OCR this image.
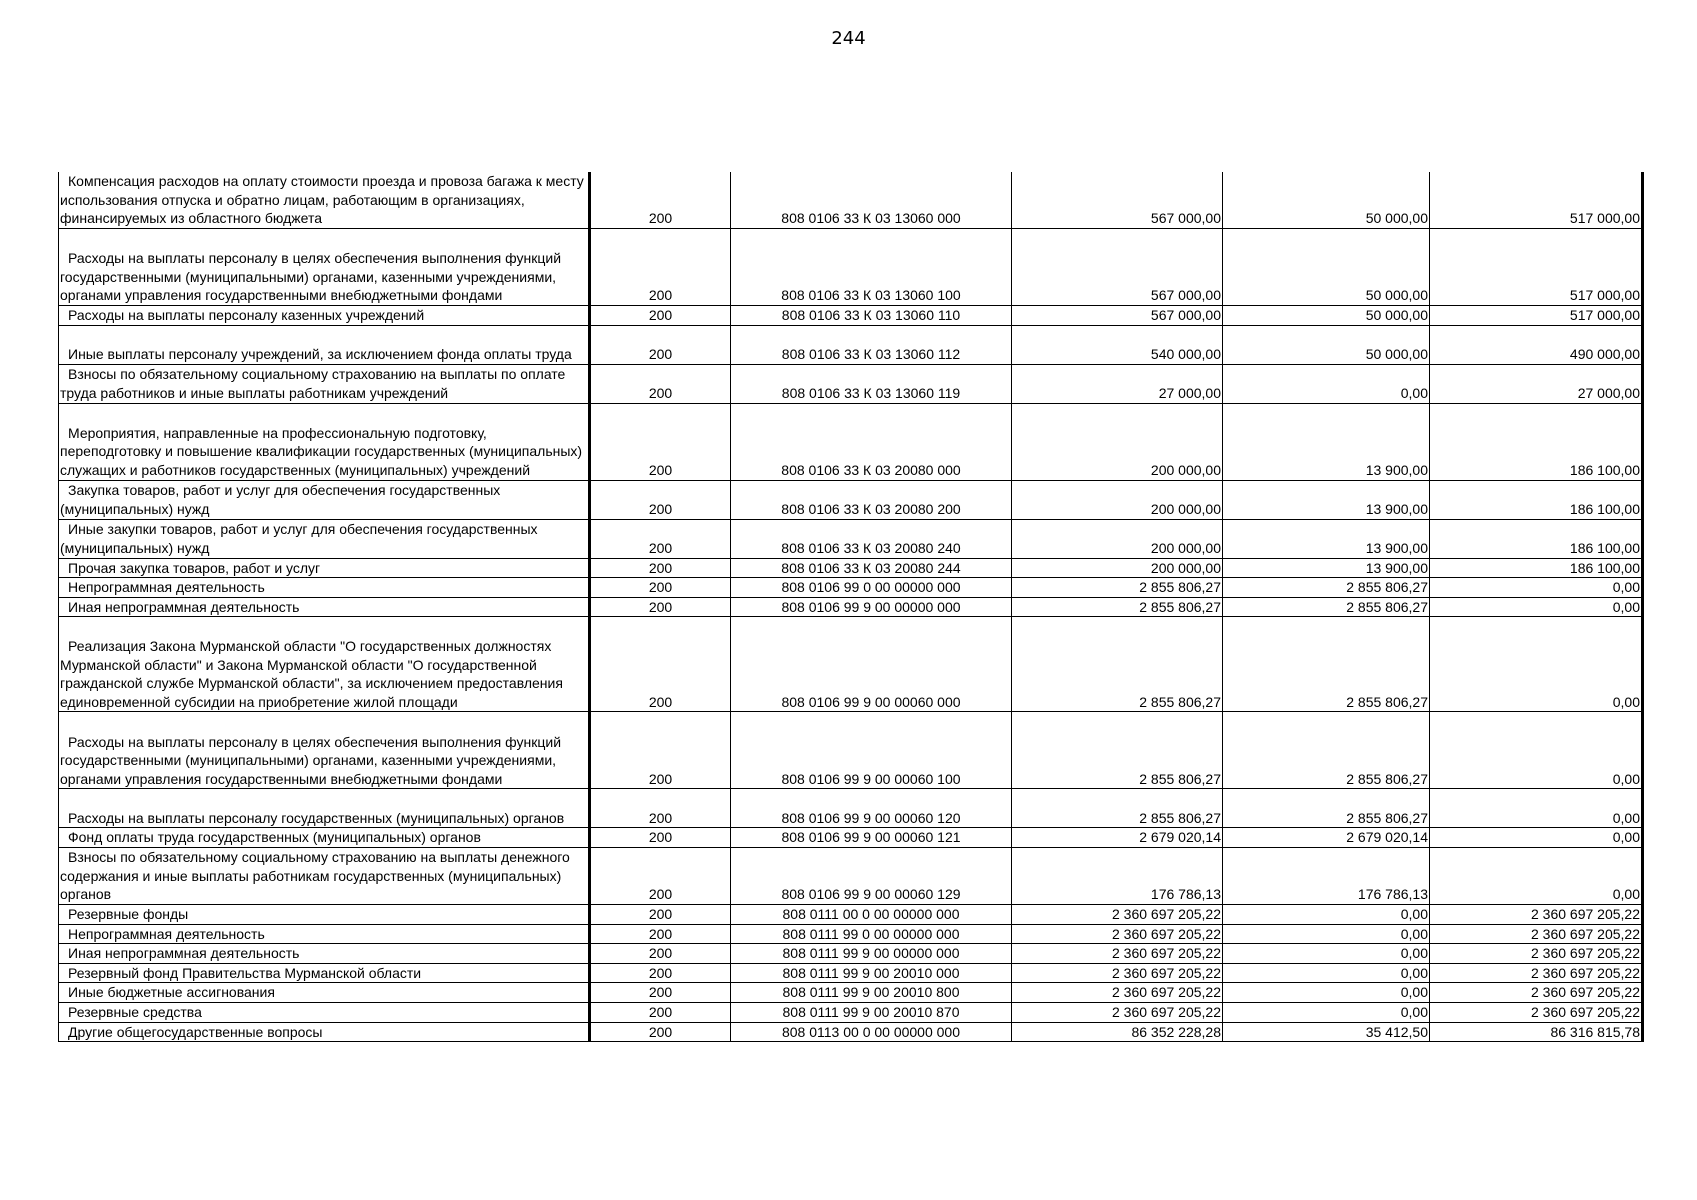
244
Компенсация расходов на оплату стоимости проезда и провоза багажа к месту использования отпуска и обратно лицам, работающим в организациях, финансируемых из областного бюджета	200	808 0106 33 К 03 13060 000	567 000,00	50 000,00	517 000,00
Расходы на выплаты персоналу в целях обеспечения выполнения функций государственными (муниципальными) органами, казенными учреждениями, органами управления государственными внебюджетными фондами	200	808 0106 33 К 03 13060 100	567 000,00	50 000,00	517 000,00
Расходы на выплаты персоналу казенных учреждений	200	808 0106 33 К 03 13060 110	567 000,00	50 000,00	517 000,00
Иные выплаты персоналу учреждений, за исключением фонда оплаты труда	200	808 0106 33 К 03 13060 112	540 000,00	50 000,00	490 000,00
Взносы по обязательному социальному страхованию на выплаты по оплате труда работников и иные выплаты работникам учреждений	200	808 0106 33 К 03 13060 119	27 000,00	0,00	27 000,00
Мероприятия, направленные на профессиональную подготовку, переподготовку и повышение квалификации государственных (муниципальных) служащих и работников государственных (муниципальных) учреждений	200	808 0106 33 К 03 20080 000	200 000,00	13 900,00	186 100,00
Закупка товаров, работ и услуг для обеспечения государственных (муниципальных) нужд	200	808 0106 33 К 03 20080 200	200 000,00	13 900,00	186 100,00
Иные закупки товаров, работ и услуг для обеспечения государственных (муниципальных) нужд	200	808 0106 33 К 03 20080 240	200 000,00	13 900,00	186 100,00
Прочая закупка товаров, работ и услуг	200	808 0106 33 К 03 20080 244	200 000,00	13 900,00	186 100,00
Непрограммная деятельность	200	808 0106 99 0 00 00000 000	2 855 806,27	2 855 806,27	0,00
Иная непрограммная деятельность	200	808 0106 99 9 00 00000 000	2 855 806,27	2 855 806,27	0,00
Реализация Закона Мурманской области "О государственных должностях Мурманской области" и Закона Мурманской области "О государственной гражданской службе Мурманской области", за исключением предоставления единовременной субсидии на приобретение жилой площади	200	808 0106 99 9 00 00060 000	2 855 806,27	2 855 806,27	0,00
Расходы на выплаты персоналу в целях обеспечения выполнения функций государственными (муниципальными) органами, казенными учреждениями, органами управления государственными внебюджетными фондами	200	808 0106 99 9 00 00060 100	2 855 806,27	2 855 806,27	0,00
Расходы на выплаты персоналу государственных (муниципальных) органов	200	808 0106 99 9 00 00060 120	2 855 806,27	2 855 806,27	0,00
Фонд оплаты труда государственных (муниципальных) органов	200	808 0106 99 9 00 00060 121	2 679 020,14	2 679 020,14	0,00
Взносы по обязательному социальному страхованию на выплаты денежного содержания и иные выплаты работникам государственных (муниципальных) органов	200	808 0106 99 9 00 00060 129	176 786,13	176 786,13	0,00
Резервные фонды	200	808 0111 00 0 00 00000 000	2 360 697 205,22	0,00	2 360 697 205,22
Непрограммная деятельность	200	808 0111 99 0 00 00000 000	2 360 697 205,22	0,00	2 360 697 205,22
Иная непрограммная деятельность	200	808 0111 99 9 00 00000 000	2 360 697 205,22	0,00	2 360 697 205,22
Резервный фонд Правительства Мурманской области	200	808 0111 99 9 00 20010 000	2 360 697 205,22	0,00	2 360 697 205,22
Иные бюджетные ассигнования	200	808 0111 99 9 00 20010 800	2 360 697 205,22	0,00	2 360 697 205,22
Резервные средства	200	808 0111 99 9 00 20010 870	2 360 697 205,22	0,00	2 360 697 205,22
Другие общегосударственные вопросы	200	808 0113 00 0 00 00000 000	86 352 228,28	35 412,50	86 316 815,78
